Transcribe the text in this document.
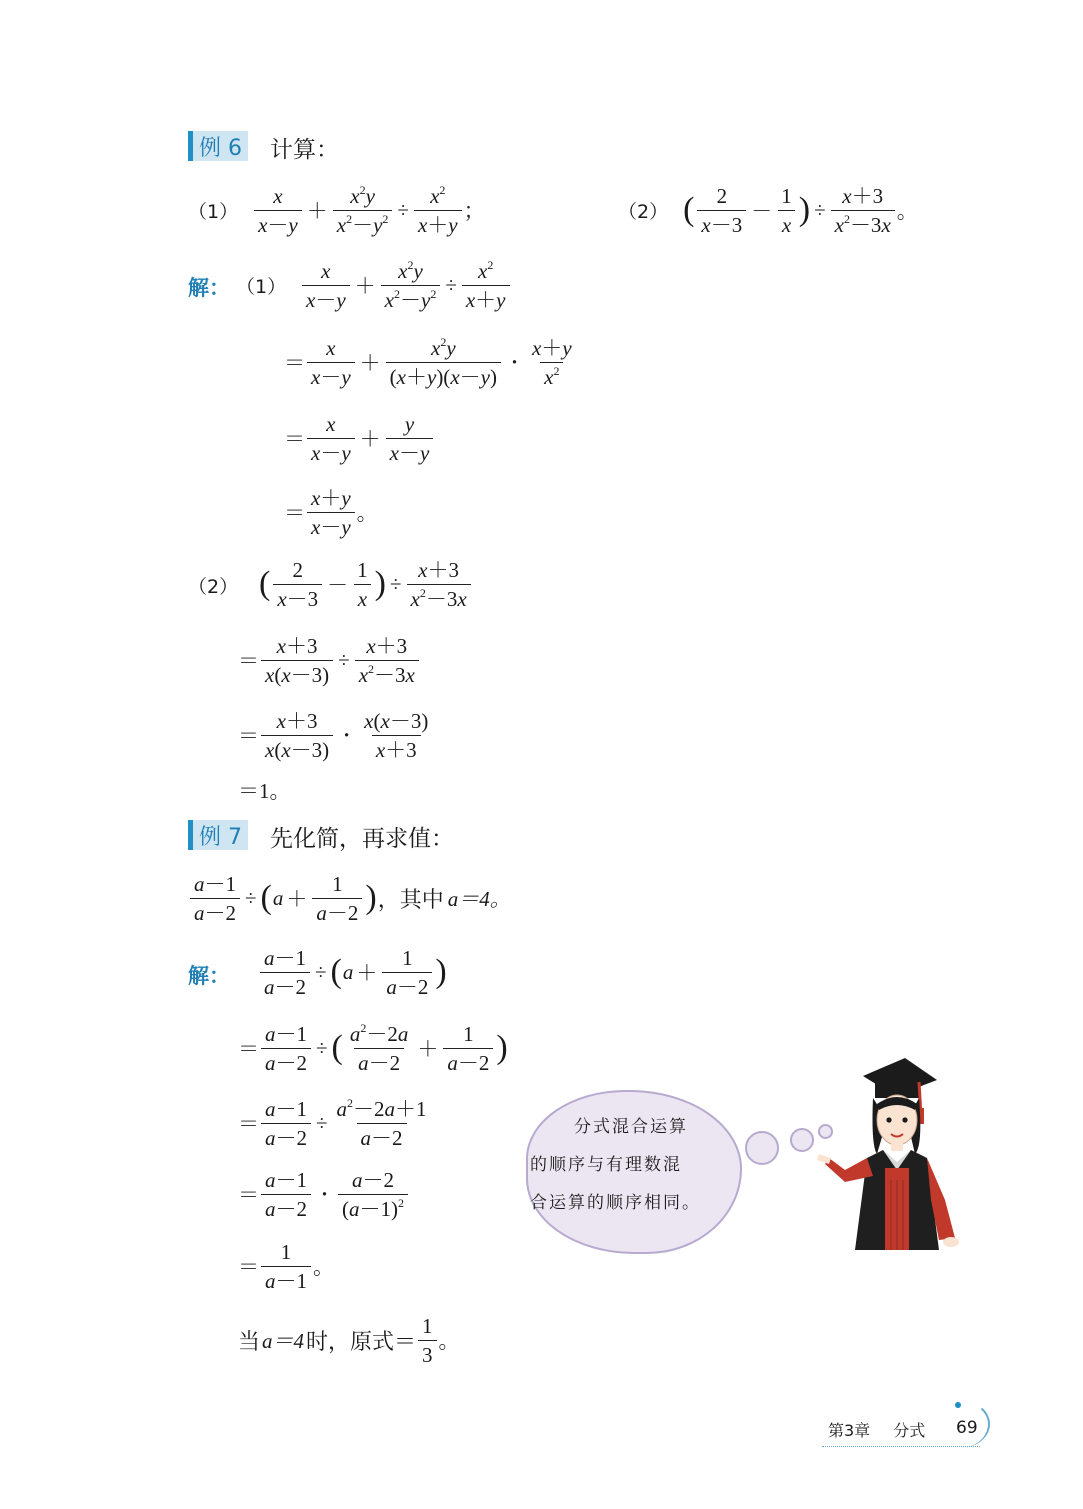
例 6 计算：
$(1) \frac{x}{x-y} + \frac{x^2y}{x^2-y^2} \div \frac{x^2}{x+y}$ ；	（2） ( $\frac{2}{x-3} - \frac{1}{x}$ ) ÷ $\frac{x+3}{x^2-3x}$ 。
解： $(1) \frac{x}{x-y} + \frac{x^2y}{x^2-y^2} \div \frac{x^2}{x+y}$
＝ $\frac{x}{x-y} + \frac{x^2y}{(x+y)(x-y)} \cdot \frac{x+y}{x^2}$
＝ $\frac{x}{x-y} + \frac{y}{x-y}$
＝ $\frac{x+y}{x-y}$ 。
（2） ( $\frac{2}{x-3} - \frac{1}{x}$ ) ÷ $\frac{x+3}{x^2-3x}$
＝ $\frac{x+3}{x(x-3)} \div \frac{x+3}{x^2-3x}$
＝ $\frac{x+3}{x(x-3)} \cdot \frac{x(x-3)}{x+3}$
＝1。
例 7 先化简，再求值：
$\frac{a-1}{a-2}$ ÷ ( $a + \frac{1}{a-2}$ ) ，其中 a＝4。
解： $\frac{a-1}{a-2}$ ÷ ( $a + \frac{1}{a-2}$ )
＝ $\frac{a-1}{a-2}$ ÷ ( $\frac{a^2-2a}{a-2} + \frac{1}{a-2}$ )
＝ $\frac{a-1}{a-2} \div \frac{a^2-2a+1}{a-2}$
＝ $\frac{a-1}{a-2} \cdot \frac{a-2}{(a-1)^2}$
＝ $\frac{1}{a-1}$ 。
当 a＝4 时，原式＝ $\frac{1}{3}$ 。
分式混合运算
的顺序与有理数混
合运算的顺序相同。
第3章 分式 69
